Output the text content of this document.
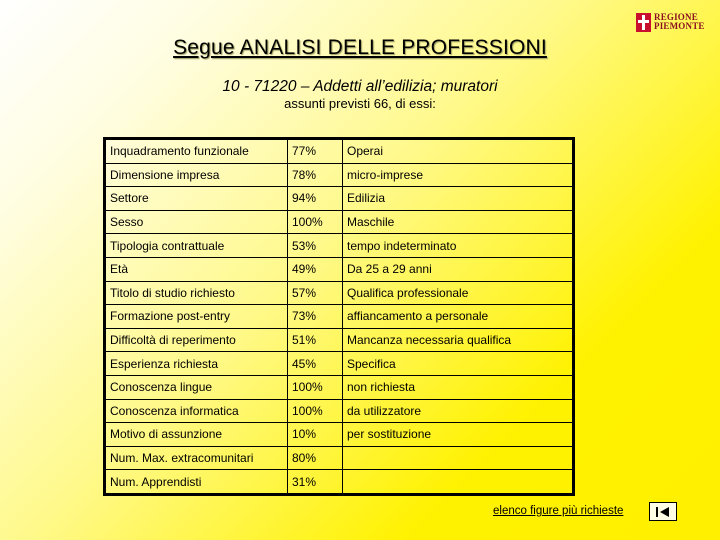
REGIONE
PIEMONTE
Segue ANALISI DELLE PROFESSIONI
10 - 71220 – Addetti all’edilizia; muratori
assunti previsti 66, di essi:
Inquadramento funzionale	77%	Operai
Dimensione impresa	78%	micro-imprese
Settore	94%	Edilizia
Sesso	100%	Maschile
Tipologia contrattuale	53%	tempo indeterminato
Età	49%	Da 25 a 29 anni
Titolo di studio richiesto	57%	Qualifica professionale
Formazione post-entry	73%	affiancamento a personale
Difficoltà di reperimento	51%	Mancanza necessaria qualifica
Esperienza richiesta	45%	Specifica
Conoscenza lingue	100%	non richiesta
Conoscenza informatica	100%	da utilizzatore
Motivo di assunzione	10%	per sostituzione
Num. Max. extracomunitari	80%	
Num. Apprendisti	31%	
elenco figure più richieste
